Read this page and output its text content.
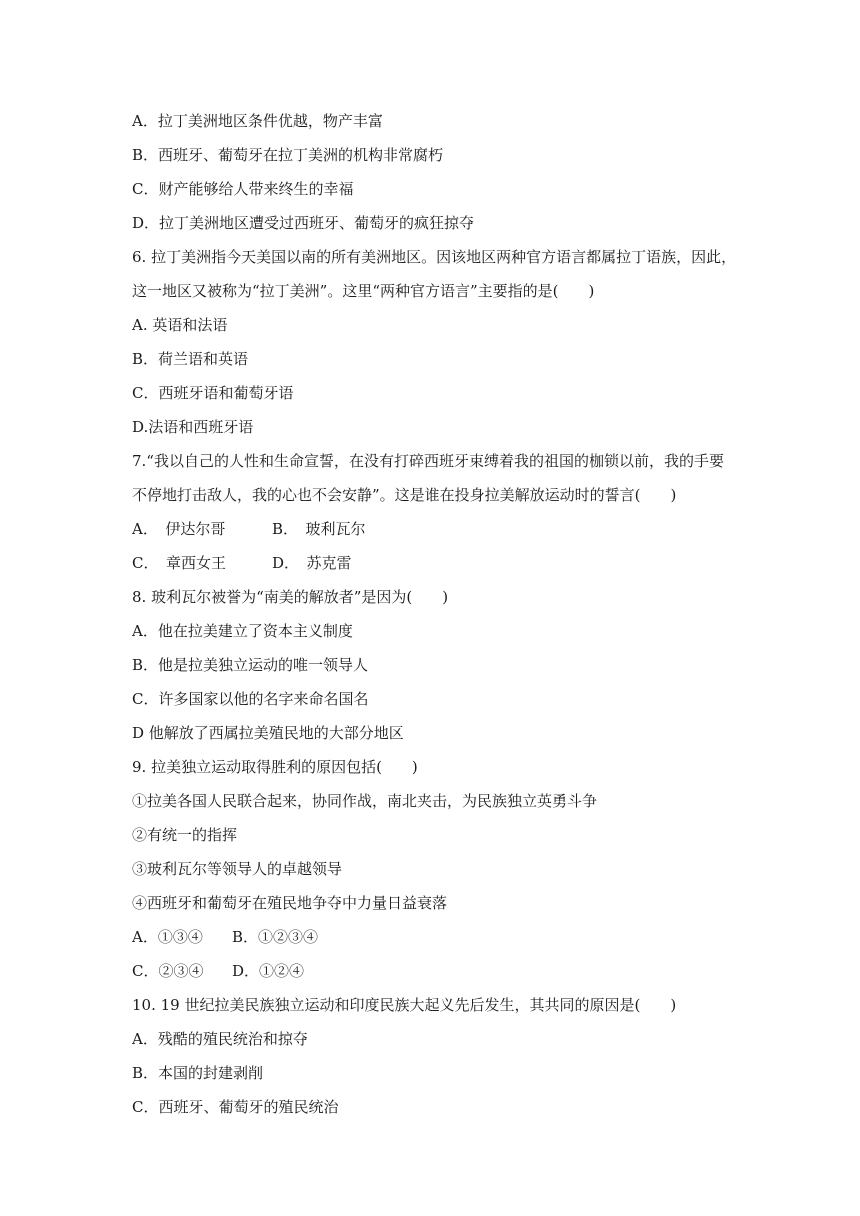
A．拉丁美洲地区条件优越，物产丰富
B．西班牙、葡萄牙在拉丁美洲的机构非常腐朽
C．财产能够给人带来终生的幸福
D．拉丁美洲地区遭受过西班牙、葡萄牙的疯狂掠夺
6. 拉丁美洲指今天美国以南的所有美洲地区。因该地区两种官方语言都属拉丁语族，因此，
这一地区又被称为“拉丁美洲”。这里“两种官方语言”主要指的是(　　)
A. 英语和法语
B．荷兰语和英语
C．西班牙语和葡萄牙语
D.法语和西班牙语
7.“我以自己的人性和生命宣誓，在没有打碎西班牙束缚着我的祖国的枷锁以前，我的手要
不停地打击敌人，我的心也不会安静”。这是谁在投身拉美解放运动时的誓言(　　)
A．　伊达尔哥	B．　玻利瓦尔
C．　章西女王	D．　苏克雷
8. 玻利瓦尔被誉为“南美的解放者”是因为(　　)
A．他在拉美建立了资本主义制度
B．他是拉美独立运动的唯一领导人
C．许多国家以他的名字来命名国名
D 他解放了西属拉美殖民地的大部分地区
9. 拉美独立运动取得胜利的原因包括(　　)
①拉美各国人民联合起来，协同作战，南北夹击，为民族独立英勇斗争
②有统一的指挥
③玻利瓦尔等领导人的卓越领导
④西班牙和葡萄牙在殖民地争夺中力量日益衰落
A．①③④ B．①②③④
C．②③④ D．①②④
10. 19 世纪拉美民族独立运动和印度民族大起义先后发生，其共同的原因是(　　)
A．残酷的殖民统治和掠夺
B．本国的封建剥削
C．西班牙、葡萄牙的殖民统治
